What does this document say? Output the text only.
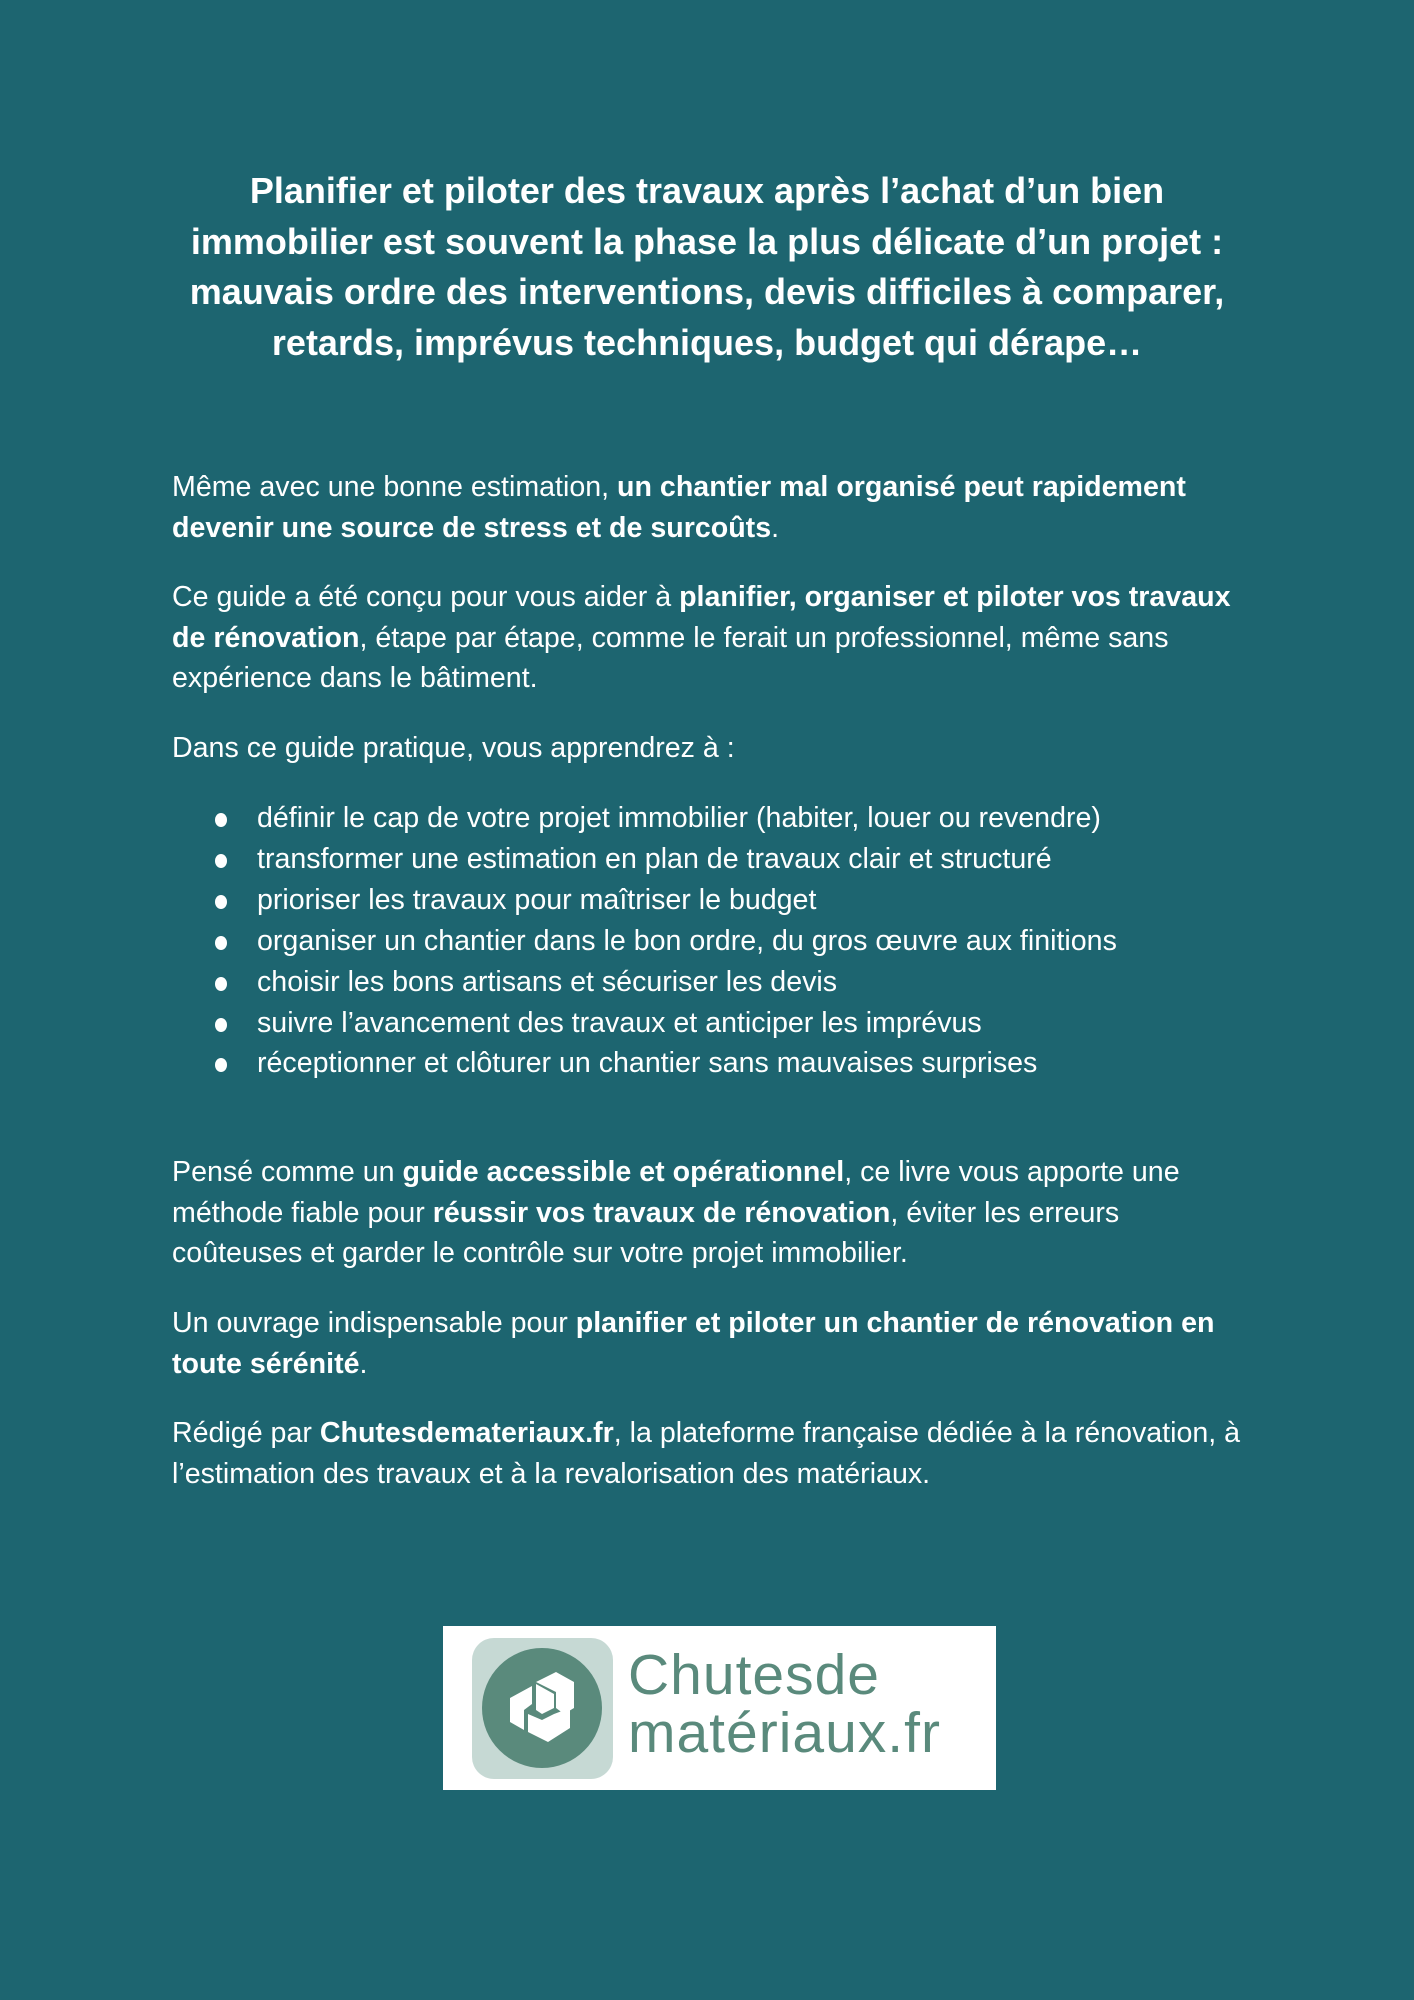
Planifier et piloter des travaux après l’achat d’un bien
immobilier est souvent la phase la plus délicate d’un projet :
mauvais ordre des interventions, devis difficiles à comparer,
retards, imprévus techniques, budget qui dérape…

Même avec une bonne estimation, un chantier mal organisé peut rapidement devenir une source de stress et de surcoûts.

Ce guide a été conçu pour vous aider à planifier, organiser et piloter vos travaux de rénovation, étape par étape, comme le ferait un professionnel, même sans expérience dans le bâtiment.

Dans ce guide pratique, vous apprendrez à :

définir le cap de votre projet immobilier (habiter, louer ou revendre)
transformer une estimation en plan de travaux clair et structuré
prioriser les travaux pour maîtriser le budget
organiser un chantier dans le bon ordre, du gros œuvre aux finitions
choisir les bons artisans et sécuriser les devis
suivre l’avancement des travaux et anticiper les imprévus
réceptionner et clôturer un chantier sans mauvaises surprises

Pensé comme un guide accessible et opérationnel, ce livre vous apporte une méthode fiable pour réussir vos travaux de rénovation, éviter les erreurs coûteuses et garder le contrôle sur votre projet immobilier.

Un ouvrage indispensable pour planifier et piloter un chantier de rénovation en toute sérénité.

Rédigé par Chutesdemateriaux.fr, la plateforme française dédiée à la rénovation, à l’estimation des travaux et à la revalorisation des matériaux.

Chutesde
matériaux.fr
